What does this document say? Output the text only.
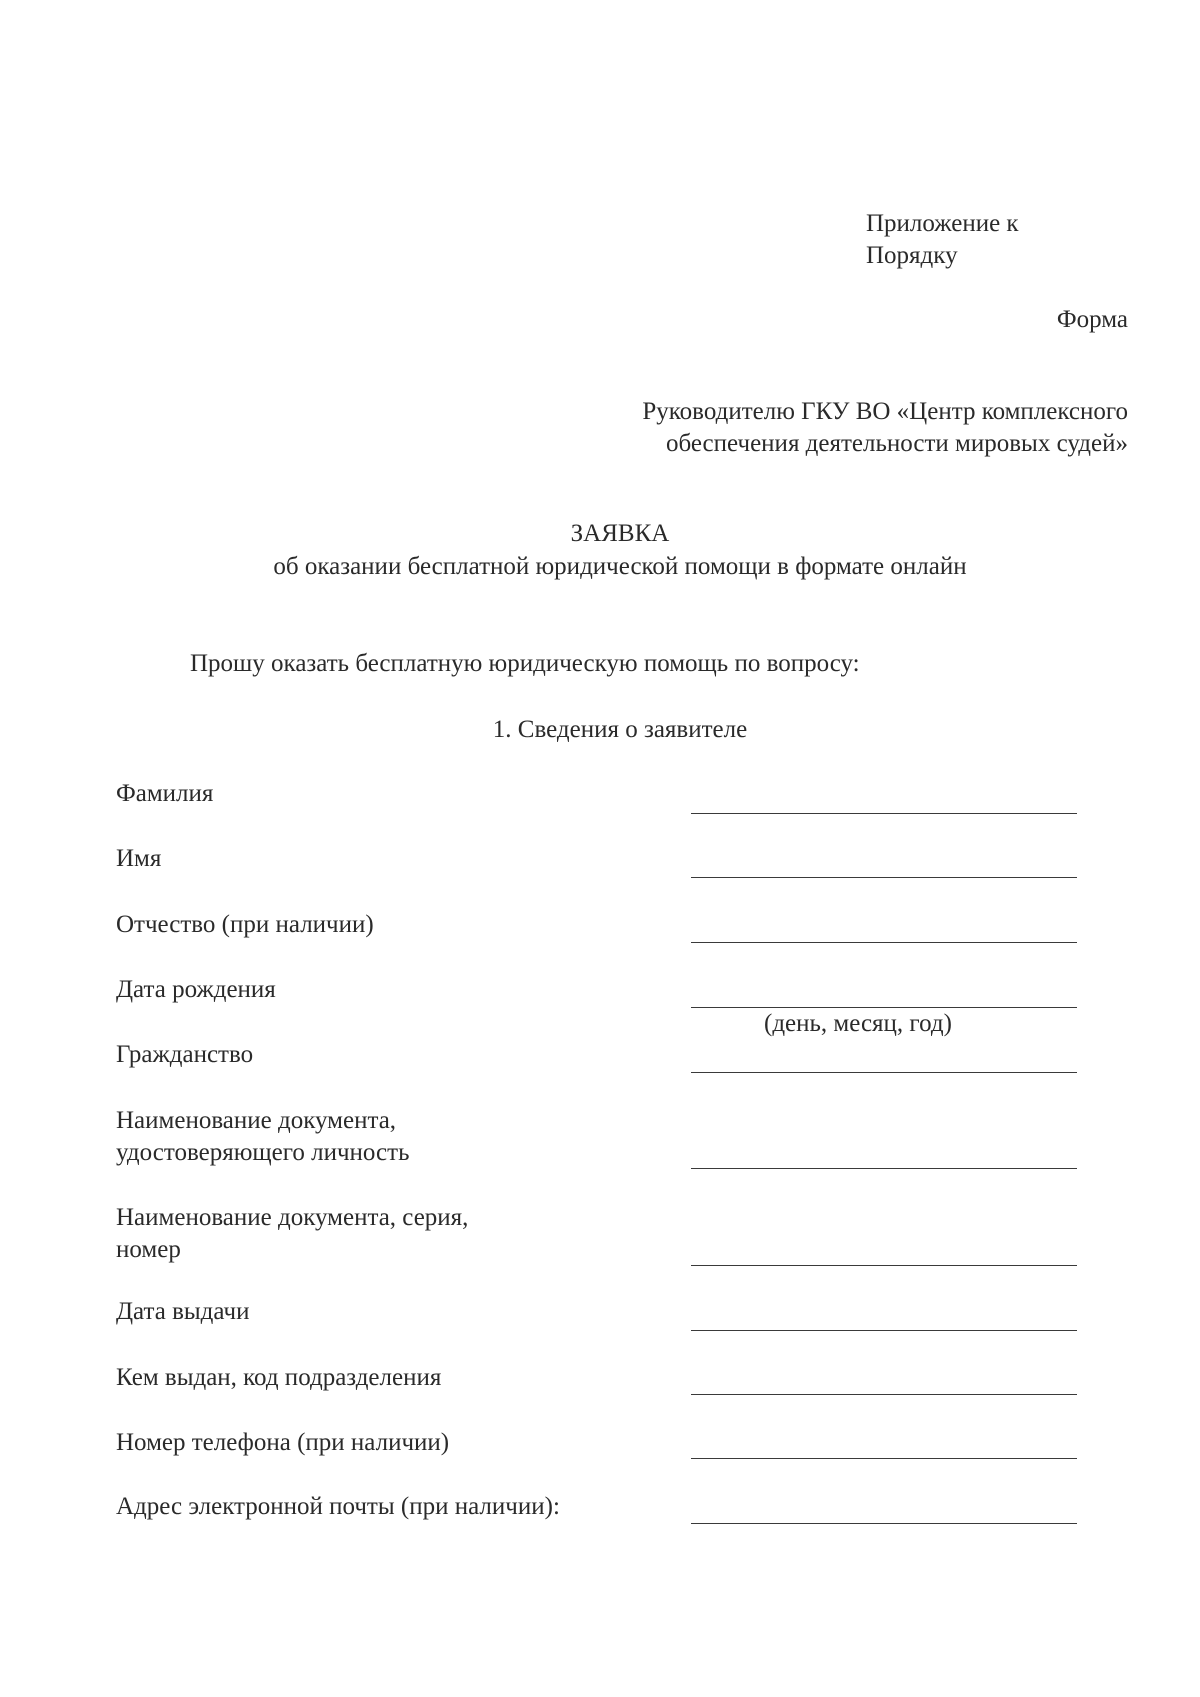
Приложение к
Порядку
Форма
Руководителю ГКУ ВО «Центр комплексного
обеспечения деятельности мировых судей»
ЗАЯВКА
об оказании бесплатной юридической помощи в формате онлайн
Прошу оказать бесплатную юридическую помощь по вопросу:
1. Сведения о заявителе
Фамилия
Имя
Отчество (при наличии)
Дата рождения
(день, месяц, год)
Гражданство
Наименование документа,
удостоверяющего личность
Наименование документа, серия,
номер
Дата выдачи
Кем выдан, код подразделения
Номер телефона (при наличии)
Адрес электронной почты (при наличии):
